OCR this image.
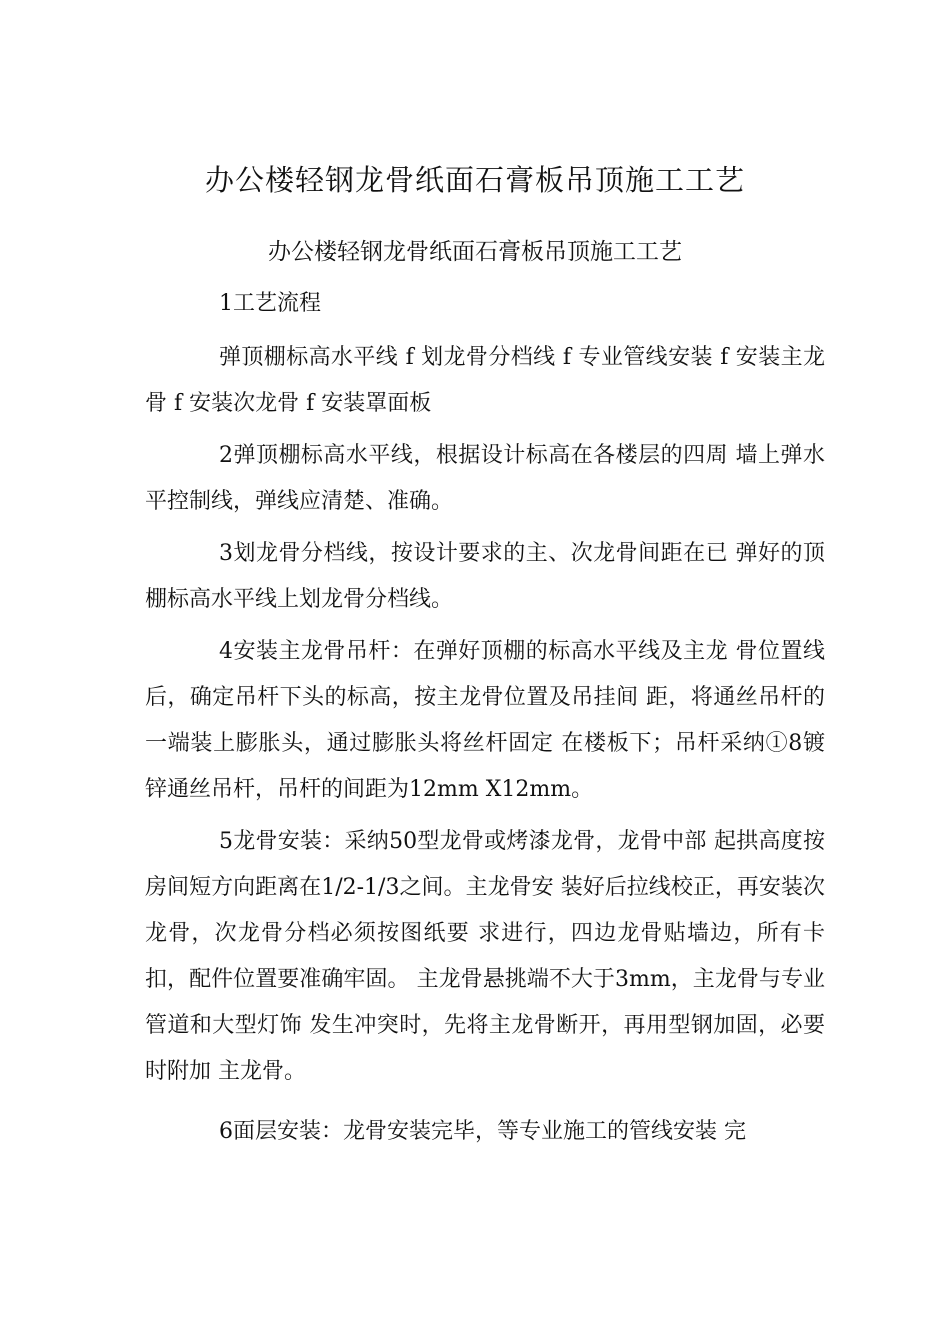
办公楼轻钢龙骨纸面石膏板吊顶施工工艺
办公楼轻钢龙骨纸面石膏板吊顶施工工艺

1工艺流程

弹顶棚标高水平线 f 划龙骨分档线 f 专业管线安装 f 安装主龙骨 f 安装次龙骨 f 安装罩面板

2弹顶棚标高水平线，根据设计标高在各楼层的四周 墙上弹水平控制线，弹线应清楚、准确。

3划龙骨分档线，按设计要求的主、次龙骨间距在已 弹好的顶棚标高水平线上划龙骨分档线。

4安装主龙骨吊杆：在弹好顶棚的标高水平线及主龙 骨位置线后，确定吊杆下头的标高，按主龙骨位置及吊挂间 距，将通丝吊杆的一端装上膨胀头，通过膨胀头将丝杆固定 在楼板下；吊杆采纳①8镀锌通丝吊杆，吊杆的间距为12mm X12mm。

5龙骨安装：采纳50型龙骨或烤漆龙骨，龙骨中部 起拱高度按房间短方向距离在1/2-1/3之间。主龙骨安 装好后拉线校正，再安装次龙骨，次龙骨分档必须按图纸要 求进行，四边龙骨贴墙边，所有卡扣，配件位置要准确牢固。 主龙骨悬挑端不大于3mm，主龙骨与专业管道和大型灯饰 发生冲突时，先将主龙骨断开，再用型钢加固，必要时附加 主龙骨。

6面层安装：龙骨安装完毕，等专业施工的管线安装 完
